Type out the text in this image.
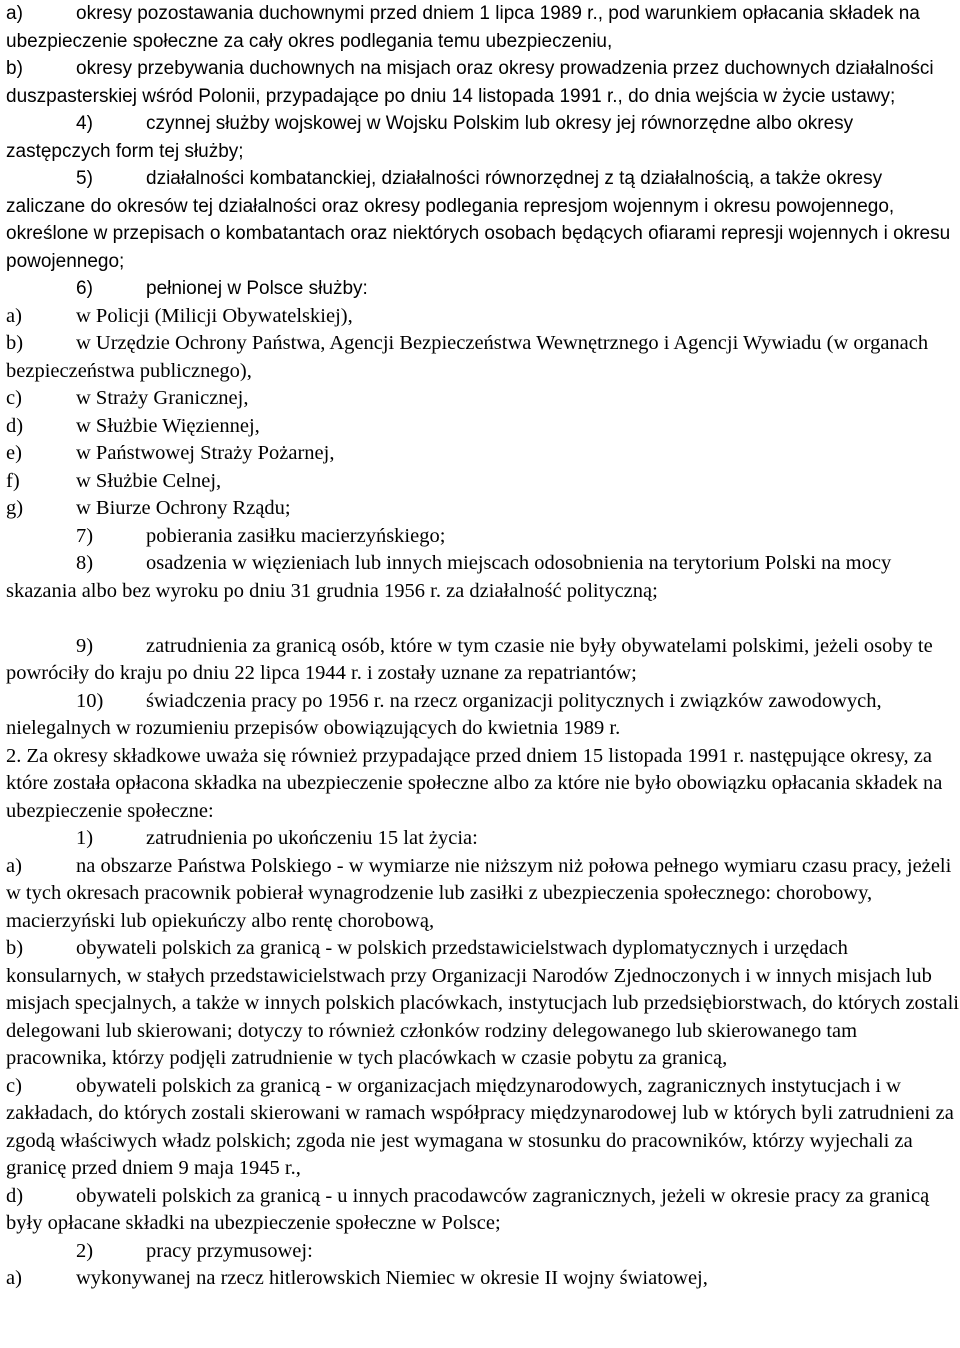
a)	okresy pozostawania duchownymi przed dniem 1 lipca 1989 r., pod warunkiem opłacania składek na ubezpieczenie społeczne za cały okres podlegania temu ubezpieczeniu,

b)	okresy przebywania duchownych na misjach oraz okresy prowadzenia przez duchownych działalności duszpasterskiej wśród Polonii, przypadające po dniu 14 listopada 1991 r., do dnia wejścia w życie ustawy;

4)	czynnej służby wojskowej w Wojsku Polskim lub okresy jej równorzędne albo okresy zastępczych form tej służby;

5)	działalności kombatanckiej, działalności równorzędnej z tą działalnością, a także okresy zaliczane do okresów tej działalności oraz okresy podlegania represjom wojennym i okresu powojennego, określone w przepisach o kombatantach oraz niektórych osobach będących ofiarami represji wojennych i okresu powojennego;

6)	pełnionej w Polsce służby:

a)	w Policji (Milicji Obywatelskiej),

b)	w Urzędzie Ochrony Państwa, Agencji Bezpieczeństwa Wewnętrznego i Agencji Wywiadu (w organach bezpieczeństwa publicznego),

c)	w Straży Granicznej,

d)	w Służbie Więziennej,

e)	w Państwowej Straży Pożarnej,

f)	w Służbie Celnej,

g)	w Biurze Ochrony Rządu;

7)	pobierania zasiłku macierzyńskiego;

8)	osadzenia w więzieniach lub innych miejscach odosobnienia na terytorium Polski na mocy skazania albo bez wyroku po dniu 31 grudnia 1956 r. za działalność polityczną;

9)	zatrudnienia za granicą osób, które w tym czasie nie były obywatelami polskimi, jeżeli osoby te powróciły do kraju po dniu 22 lipca 1944 r. i zostały uznane za repatriantów;

10) świadczenia pracy po 1956 r. na rzecz organizacji politycznych i związków zawodowych, nielegalnych w rozumieniu przepisów obowiązujących do kwietnia 1989 r.

2. Za okresy składkowe uważa się również przypadające przed dniem 15 listopada 1991 r. następujące okresy, za które została opłacona składka na ubezpieczenie społeczne albo za które nie było obowiązku opłacania składek na ubezpieczenie społeczne:

1)	zatrudnienia po ukończeniu 15 lat życia:

a)	na obszarze Państwa Polskiego - w wymiarze nie niższym niż połowa pełnego wymiaru czasu pracy, jeżeli w tych okresach pracownik pobierał wynagrodzenie lub zasiłki z ubezpieczenia społecznego: chorobowy, macierzyński lub opiekuńczy albo rentę chorobową,

b)	obywateli polskich za granicą - w polskich przedstawicielstwach dyplomatycznych i urzędach konsularnych, w stałych przedstawicielstwach przy Organizacji Narodów Zjednoczonych i w innych misjach lub misjach specjalnych, a także w innych polskich placówkach, instytucjach lub przedsiębiorstwach, do których zostali delegowani lub skierowani; dotyczy to również członków rodziny delegowanego lub skierowanego tam pracownika, którzy podjęli zatrudnienie w tych placówkach w czasie pobytu za granicą,

c)	obywateli polskich za granicą - w organizacjach międzynarodowych, zagranicznych instytucjach i w zakładach, do których zostali skierowani w ramach współpracy międzynarodowej lub w których byli zatrudnieni za zgodą właściwych władz polskich; zgoda nie jest wymagana w stosunku do pracowników, którzy wyjechali za granicę przed dniem 9 maja 1945 r.,

d)	obywateli polskich za granicą - u innych pracodawców zagranicznych, jeżeli w okresie pracy za granicą były opłacane składki na ubezpieczenie społeczne w Polsce;

2)	pracy przymusowej:

a)	wykonywanej na rzecz hitlerowskich Niemiec w okresie II wojny światowej,
